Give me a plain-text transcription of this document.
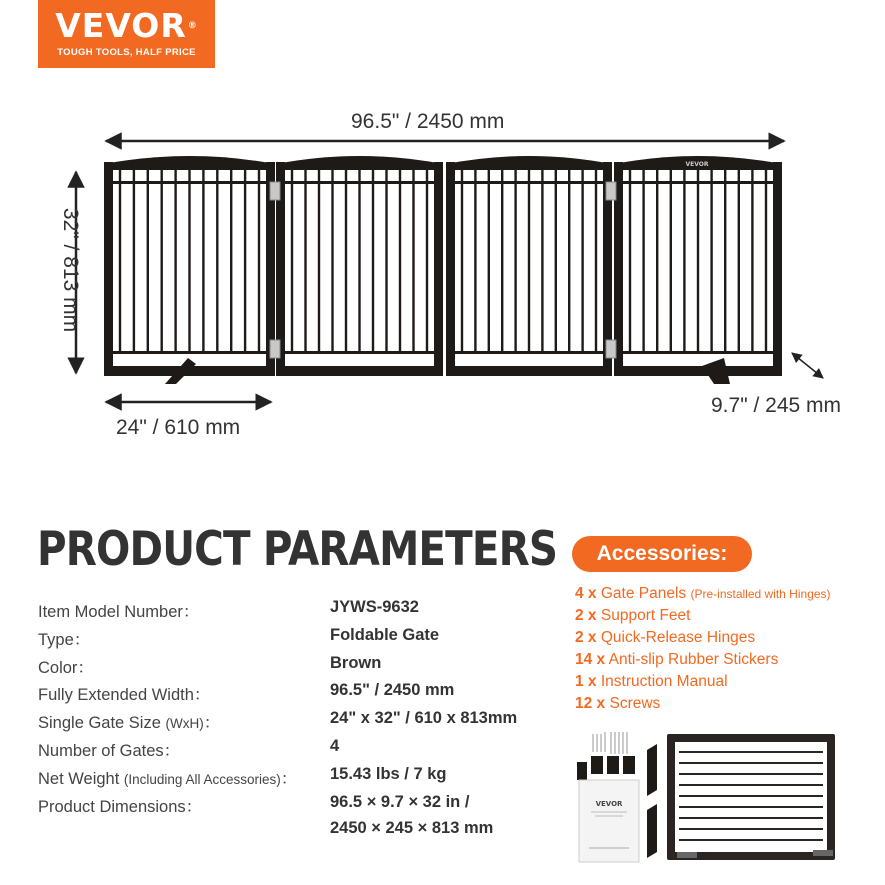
VEVOR®
TOUGH TOOLS, HALF PRICE
VEVOR
96.5" / 2450 mm
32" / 813 mm
24" / 610 mm
9.7" / 245 mm
PRODUCT PARAMETERS
Item Model Number：	JYWS-9632
Type：	Foldable Gate
Color：	Brown
Fully Extended Width：	96.5" / 2450 mm
Single Gate Size (WxH)：	24" x 32" / 610 x 813mm
Number of Gates：	4
Net Weight (Including All Accessories)： 15.43 lbs / 7 kg
Product Dimensions：	96.5 × 9.7 × 32 in /
2450 × 245 × 813 mm
Accessories:
4 x Gate Panels (Pre-installed with Hinges)
2 x Support Feet
2 x Quick-Release Hinges
14 x Anti-slip Rubber Stickers
1 x Instruction Manual
12 x Screws
VEVOR
